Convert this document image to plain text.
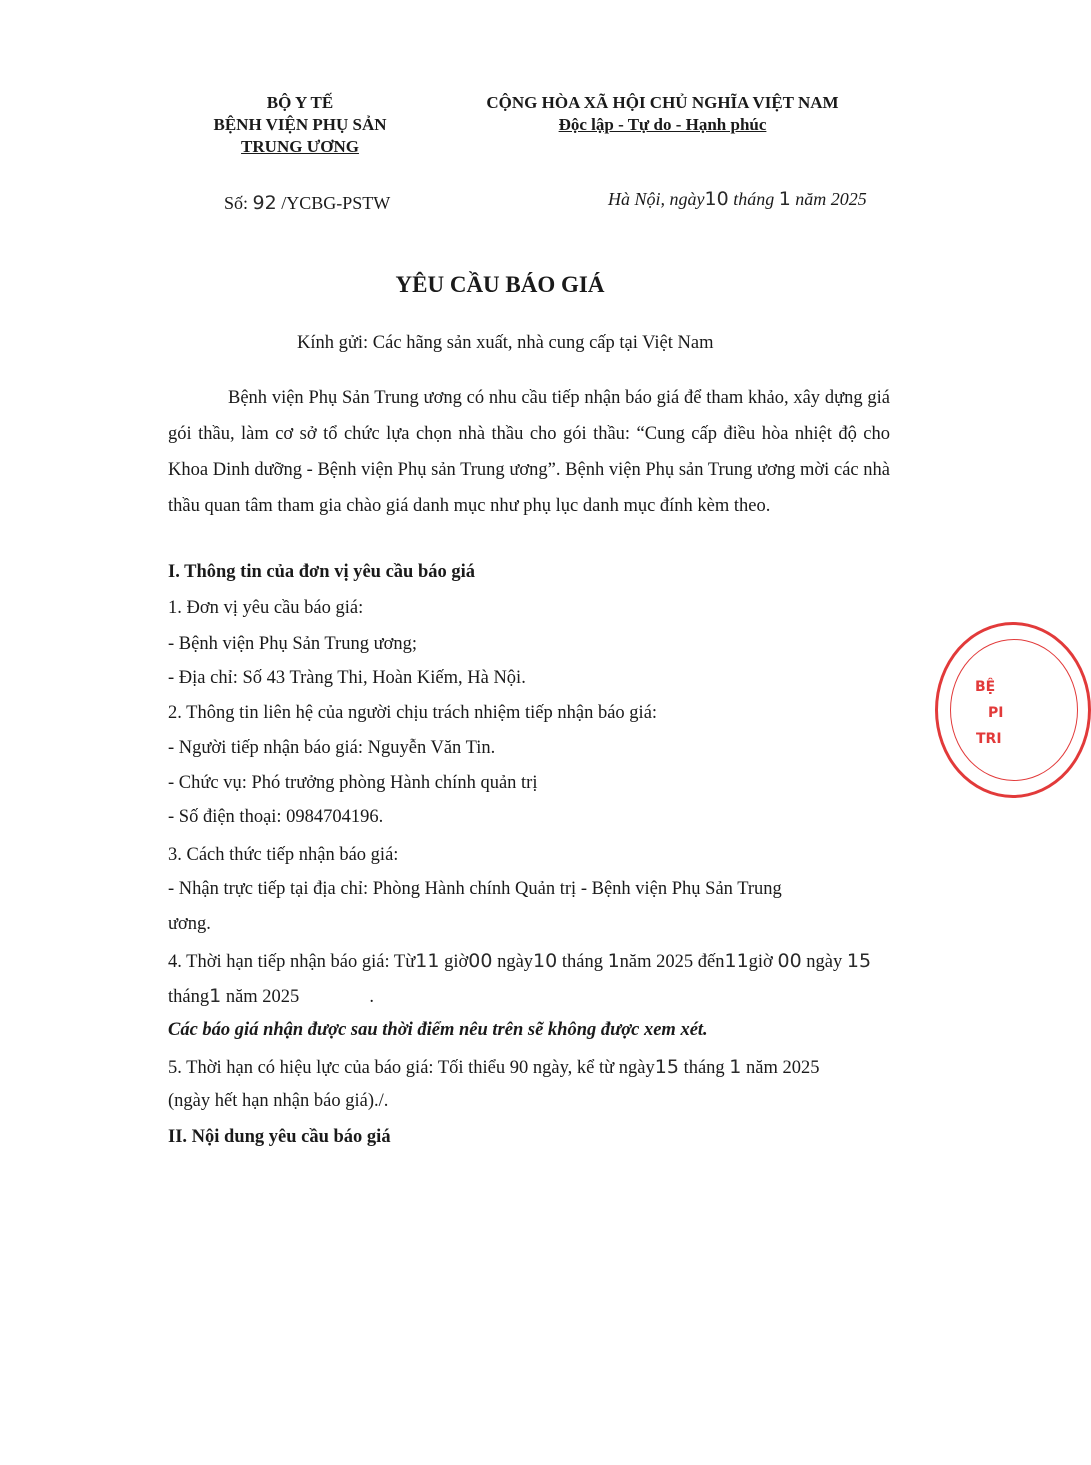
BỘ Y TẾ
BỆNH VIỆN PHỤ SẢN
TRUNG ƯƠNG
CỘNG HÒA XÃ HỘI CHỦ NGHĨA VIỆT NAM
Độc lập - Tự do - Hạnh phúc
Số: 92 /YCBG-PSTW	Hà Nội, ngày10 tháng 1 năm 2025
YÊU CẦU BÁO GIÁ
Kính gửi: Các hãng sản xuất, nhà cung cấp tại Việt Nam
Bệnh viện Phụ Sản Trung ương có nhu cầu tiếp nhận báo giá để tham khảo, xây dựng giá gói thầu, làm cơ sở tổ chức lựa chọn nhà thầu cho gói thầu: “Cung cấp điều hòa nhiệt độ cho Khoa Dinh dưỡng - Bệnh viện Phụ sản Trung ương”. Bệnh viện Phụ sản Trung ương mời các nhà thầu quan tâm tham gia chào giá danh mục như phụ lục danh mục đính kèm theo.
I. Thông tin của đơn vị yêu cầu báo giá
1. Đơn vị yêu cầu báo giá:
- Bệnh viện Phụ Sản Trung ương;
- Địa chỉ: Số 43 Tràng Thi, Hoàn Kiếm, Hà Nội.
2. Thông tin liên hệ của người chịu trách nhiệm tiếp nhận báo giá:
- Người tiếp nhận báo giá: Nguyễn Văn Tin.
- Chức vụ: Phó trưởng phòng Hành chính quản trị
- Số điện thoại: 0984704196.
3. Cách thức tiếp nhận báo giá:
- Nhận trực tiếp tại địa chỉ: Phòng Hành chính Quản trị - Bệnh viện Phụ Sản Trung
ương.
4. Thời hạn tiếp nhận báo giá: Từ11 giờ00 ngày10 tháng 1năm 2025 đến11giờ 00 ngày 15
tháng1 năm 2025	.
Các báo giá nhận được sau thời điểm nêu trên sẽ không được xem xét.
5. Thời hạn có hiệu lực của báo giá: Tối thiểu 90 ngày, kể từ ngày15 tháng 1 năm 2025
(ngày hết hạn nhận báo giá)./.
II. Nội dung yêu cầu báo giá
BỆ
PI
TRI
